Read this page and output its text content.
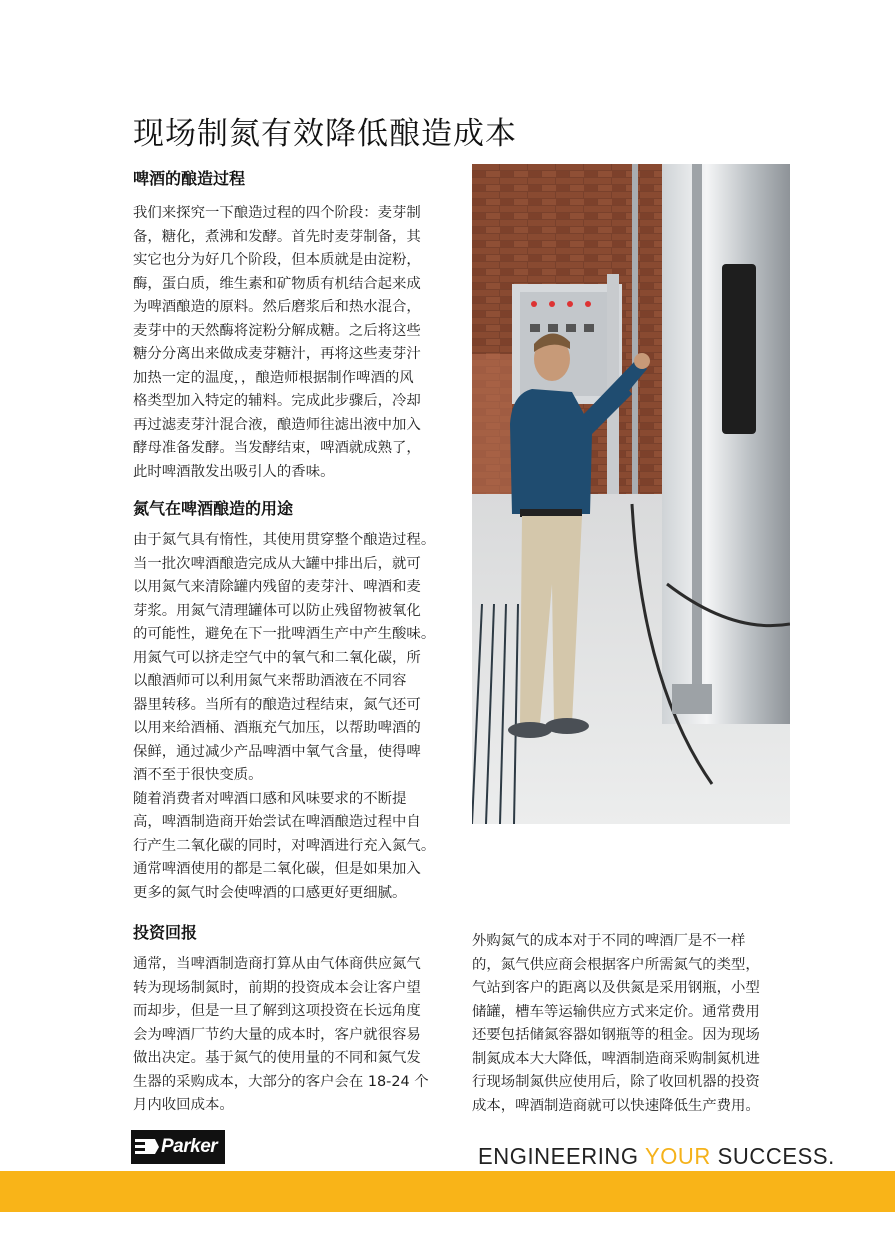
现场制氮有效降低酿造成本
啤酒的酿造过程
我们来探究一下酿造过程的四个阶段：麦芽制
备，糖化，煮沸和发酵。首先时麦芽制备，其
实它也分为好几个阶段，但本质就是由淀粉，
酶，蛋白质，维生素和矿物质有机结合起来成
为啤酒酿造的原料。然后磨浆后和热水混合，
麦芽中的天然酶将淀粉分解成糖。之后将这些
糖分分离出来做成麦芽糖汁，再将这些麦芽汁
加热一定的温度，，酿造师根据制作啤酒的风
格类型加入特定的辅料。完成此步骤后，冷却
再过滤麦芽汁混合液，酿造师往滤出液中加入
酵母准备发酵。当发酵结束，啤酒就成熟了，
此时啤酒散发出吸引人的香味。
氮气在啤酒酿造的用途
由于氮气具有惰性，其使用贯穿整个酿造过程。
当一批次啤酒酿造完成从大罐中排出后，就可
以用氮气来清除罐内残留的麦芽汁、啤酒和麦
芽浆。用氮气清理罐体可以防止残留物被氧化
的可能性，避免在下一批啤酒生产中产生酸味。
用氮气可以挤走空气中的氧气和二氧化碳，所
以酿酒师可以利用氮气来帮助酒液在不同容
器里转移。当所有的酿造过程结束，氮气还可
以用来给酒桶、酒瓶充气加压，以帮助啤酒的
保鲜，通过减少产品啤酒中氧气含量，使得啤
酒不至于很快变质。
随着消费者对啤酒口感和风味要求的不断提
高，啤酒制造商开始尝试在啤酒酿造过程中自
行产生二氧化碳的同时，对啤酒进行充入氮气。
通常啤酒使用的都是二氧化碳，但是如果加入
更多的氮气时会使啤酒的口感更好更细腻。
投资回报
通常，当啤酒制造商打算从由气体商供应氮气
转为现场制氮时，前期的投资成本会让客户望
而却步，但是一旦了解到这项投资在长远角度
会为啤酒厂节约大量的成本时，客户就很容易
做出决定。基于氮气的使用量的不同和氮气发
生器的采购成本，大部分的客户会在 18-24 个
月内收回成本。
外购氮气的成本对于不同的啤酒厂是不一样
的，氮气供应商会根据客户所需氮气的类型，
气站到客户的距离以及供氮是采用钢瓶，小型
储罐，槽车等运输供应方式来定价。通常费用
还要包括储氮容器如钢瓶等的租金。因为现场
制氮成本大大降低，啤酒制造商采购制氮机进
行现场制氮供应使用后，除了收回机器的投资
成本，啤酒制造商就可以快速降低生产费用。
Parker	ENGINEERING YOUR SUCCESS.
